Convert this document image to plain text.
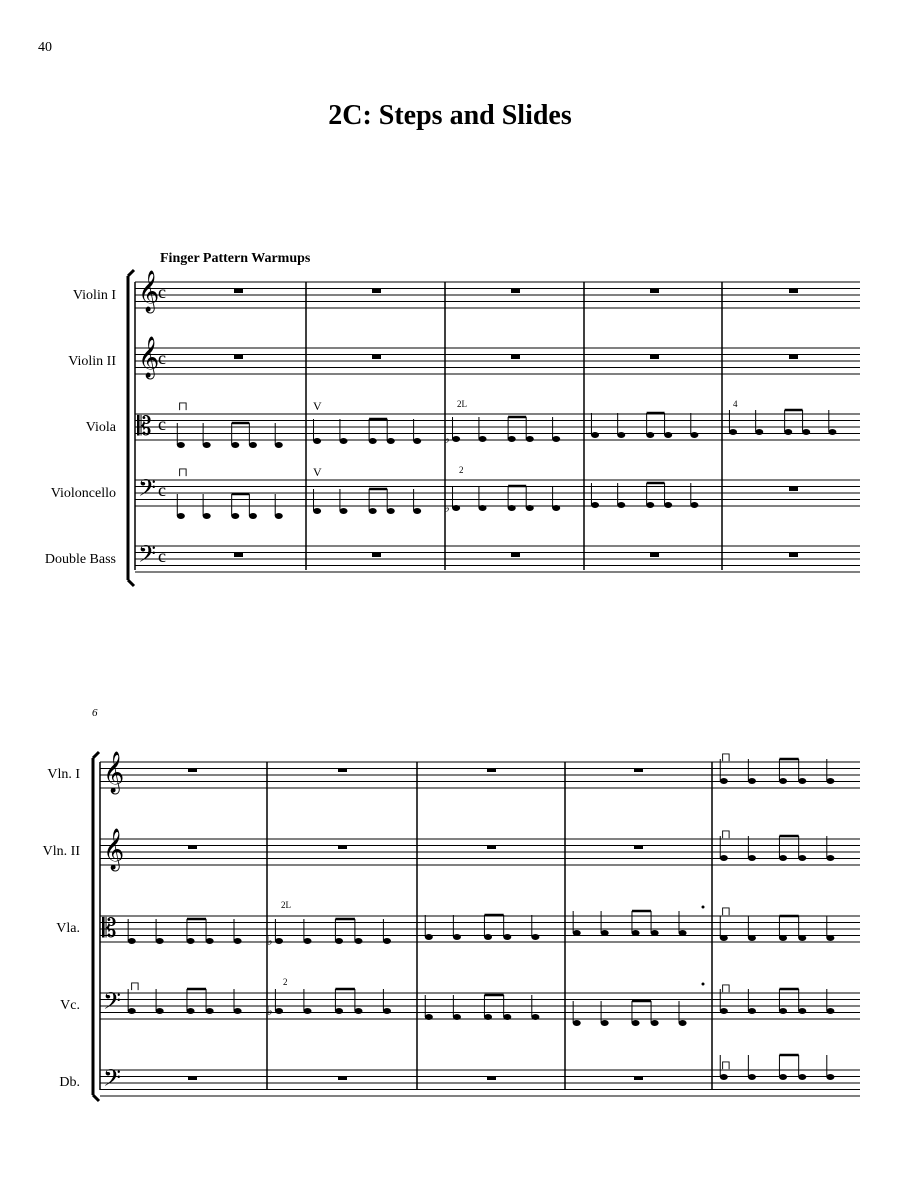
40
2C: Steps and Slides
Finger Pattern Warmups
Violin I
Violin II
Viola
Violoncello
Double Bass
𝄞
𝄞
𝄡
𝄢
𝄢
c
c
c
c
c
⊓	V	2L	4
⊓	V	2
♭
♭
6
Vln. I
Vln. II
Vla.
Vc.
Db.
𝄞
𝄞
𝄡
𝄢
𝄢
2L
⊓	2
⊓
⊓
⊓
⊓
⊓
♭
♭
